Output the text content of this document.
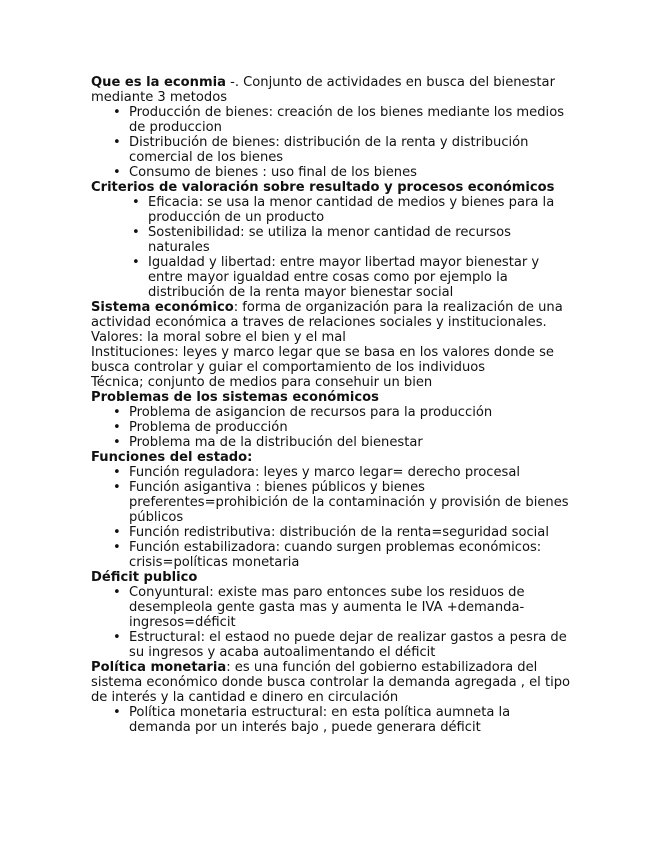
Que es la econmia -. Conjunto de actividades en busca del bienestar mediante 3 metodos

• Producción de bienes: creación de los bienes mediante los medios de produccion
• Distribución de bienes: distribución de la renta y distribución comercial de los bienes
• Consumo de bienes : uso final de los bienes

Criterios de valoración sobre resultado y procesos económicos

• Eficacia: se usa la menor cantidad de medios y bienes para la producción de un producto
• Sostenibilidad: se utiliza la menor cantidad de recursos naturales
• Igualdad y libertad: entre mayor libertad mayor bienestar y entre mayor igualdad entre cosas como por ejemplo la distribución de la renta mayor bienestar social

Sistema económico: forma de organización para la realización de una actividad económica a traves de relaciones sociales y institucionales.

Valores: la moral sobre el bien y el mal

Instituciones: leyes y marco legar que se basa en los valores donde se busca controlar y guiar el comportamiento de los individuos

Técnica; conjunto de medios para consehuir un bien

Problemas de los sistemas económicos

• Problema de asigancion de recursos para la producción
• Problema de producción
• Problema ma de la distribución del bienestar

Funciones del estado:

• Función reguladora: leyes y marco legar= derecho procesal
• Función asigantiva : bienes públicos y bienes preferentes=prohibición de la contaminación y provisión de bienes públicos
• Función redistributiva: distribución de la renta=seguridad social
• Función estabilizadora: cuando surgen problemas económicos: crisis=políticas monetaria

Déficit publico

• Conyuntural: existe mas paro entonces sube los residuos de desempleola gente gasta mas y aumenta le IVA +demanda-ingresos=déficit
• Estructural: el estaod no puede dejar de realizar gastos a pesra de su ingresos y acaba autoalimentando el déficit

Política monetaria: es una función del gobierno estabilizadora del sistema económico donde busca controlar la demanda agregada , el tipo de interés y la cantidad e dinero en circulación

• Política monetaria estructural: en esta política aumneta la demanda por un interés bajo , puede generara déficit
